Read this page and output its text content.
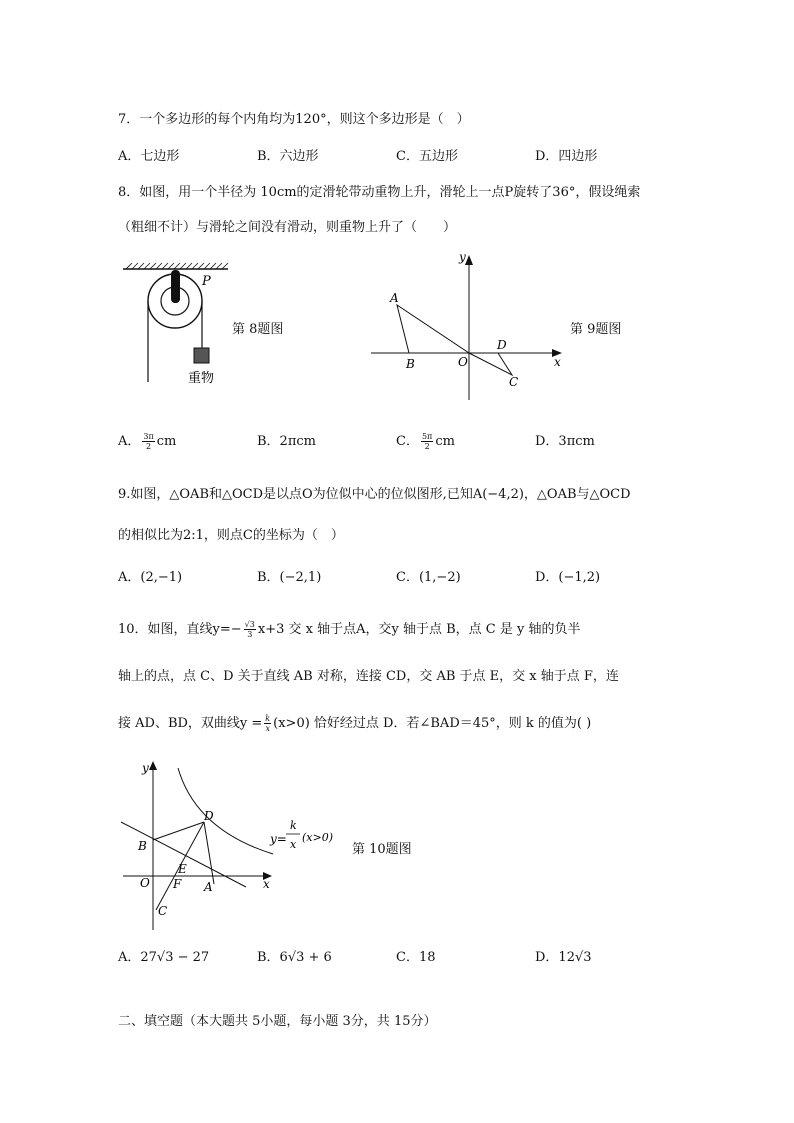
7．一个多边形的每个内角均为120°，则这个多边形是（　）
A．七边形	B．六边形	C．五边形	D．四边形
8．如图，用一个半径为 10cm的定滑轮带动重物上升，滑轮上一点P旋转了36°，假设绳索
（粗细不计）与滑轮之间没有滑动，则重物上升了（　　）
P
重物
第 8题图
y
x
A
B	O
D
C
第 9题图
A． $\frac{3\pi}{2}$ cm	B．2πcm	C． $\frac{5\pi}{2}$ cm	D．3πcm
9.如图，△OAB和△OCD是以点O为位似中心的位似图形,已知A(−4,2)，△OAB与△OCD
的相似比为2:1，则点C的坐标为（　）
A．(2,−1)	B．(−2,1)	C．(1,−2)	D．(−1,2)
10．如图，直线$y=- \frac{√3}{3} x+3$ 交 x 轴于点A，交y 轴于点 B，点 C 是 y 轴的负半
轴上的点，点 C、D 关于直线 AB 对称，连接 CD，交 AB 于点 E，交 x 轴于点 F，连
接 AD、BD，双曲线$y = \frac{k}{x} (x>0)$ 恰好经过点 D．若∠BAD＝45°，则 k 的值为( )
y
x
D
B
E
O F A
C
y=
k
x
(x>0)
第 10题图
A．27√3 − 27	B．6√3 + 6	C．18	D．12√3
二、填空题（本大题共 5小题，每小题 3分，共 15分）
